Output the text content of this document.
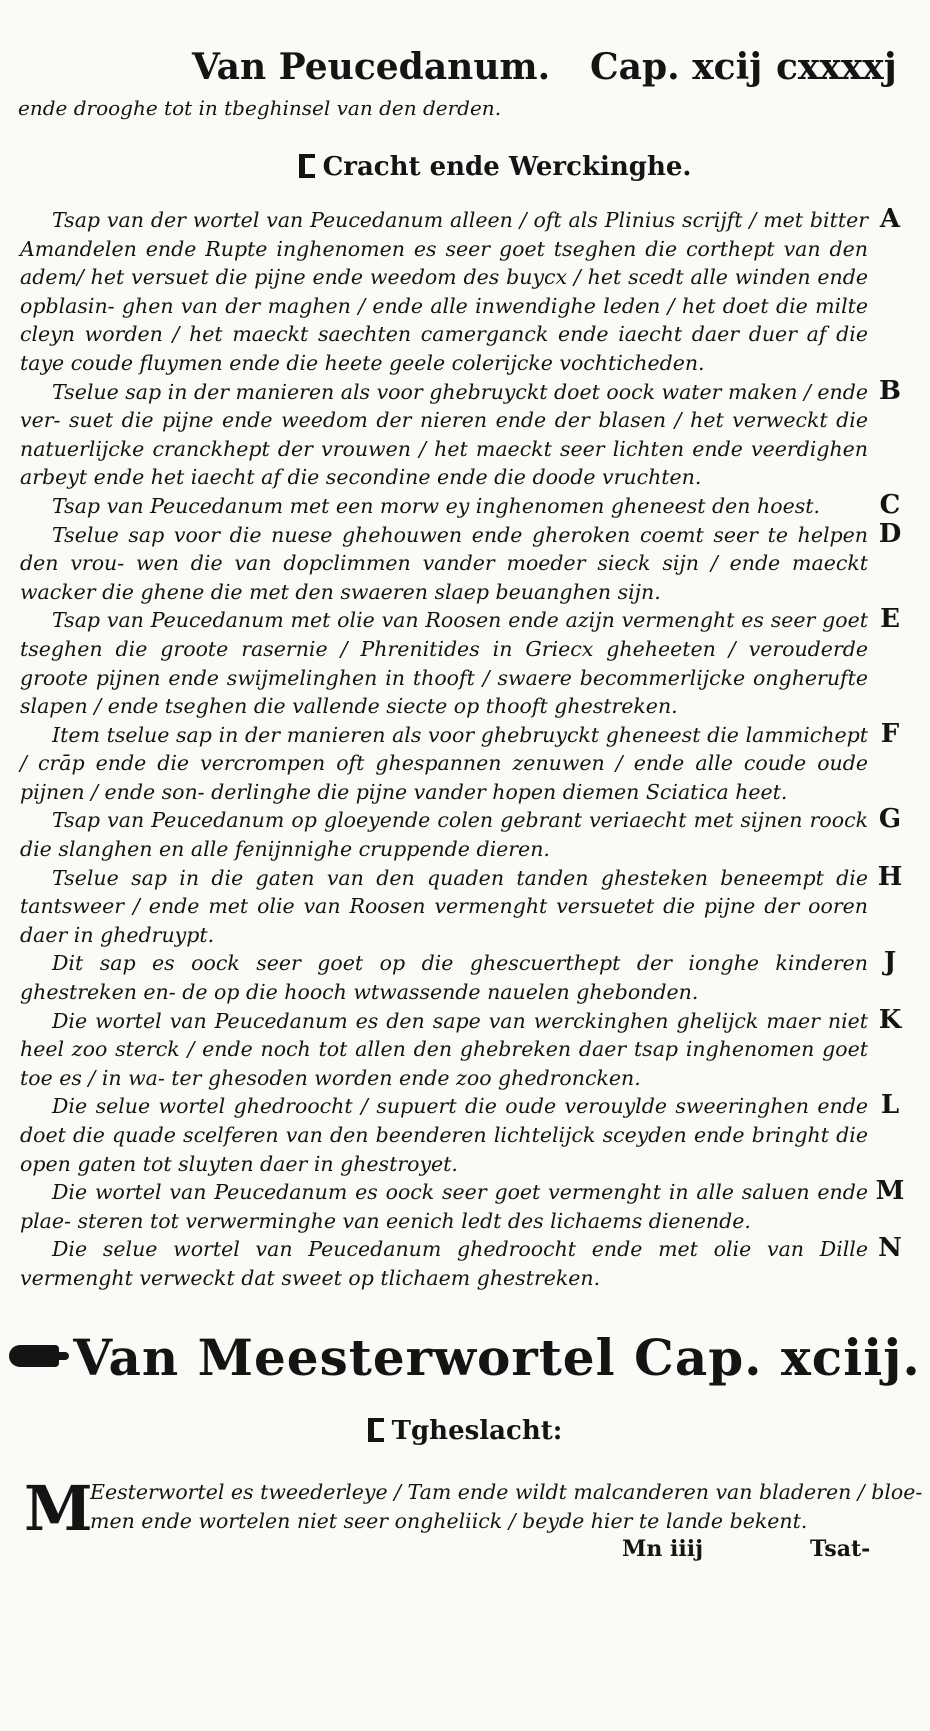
Van Peucedanum. Cap. xcij cxxxxj
ende drooghe tot in tbeghinsel van den derden.
Cracht ende Werckinghe.

Tsap van der wortel van Peucedanum alleen / oft als Plinius scrijft / met bitter Amandelen ende Rupte inghenomen es seer goet tseghen die corthept van den adem/ het versuet die pijne ende weedom des buycx / het scedt alle winden ende opblasin- ghen van der maghen / ende alle inwendighe leden / het doet die milte cleyn worden / het maeckt saechten camerganck ende iaecht daer duer af die taye coude fluymen ende die heete geele colerijcke vochticheden.

Tselue sap in der manieren als voor ghebruyckt doet oock water maken / ende ver- suet die pijne ende weedom der nieren ende der blasen / het verweckt die natuerlijcke cranckhept der vrouwen / het maeckt seer lichten ende veerdighen arbeyt ende het iaecht af die secondine ende die doode vruchten.

Tsap van Peucedanum met een morw ey inghenomen gheneest den hoest.

Tselue sap voor die nuese ghehouwen ende gheroken coemt seer te helpen den vrou- wen die van dopclimmen vander moeder sieck sijn / ende maeckt wacker die ghene die met den swaeren slaep beuanghen sijn.

Tsap van Peucedanum met olie van Roosen ende azijn vermenght es seer goet tseghen die groote rasernie / Phrenitides in Griecx gheheeten / verouderde groote pijnen ende swijmelinghen in thooft / swaere becommerlijcke ongherufte slapen / ende tseghen die vallende siecte op thooft ghestreken.

Item tselue sap in der manieren als voor ghebruyckt gheneest die lammichept / crāp ende die vercrompen oft ghespannen zenuwen / ende alle coude oude pijnen / ende son- derlinghe die pijne vander hopen diemen Sciatica heet.

Tsap van Peucedanum op gloeyende colen gebrant veriaecht met sijnen roock die slanghen en alle fenijnnighe cruppende dieren.

Tselue sap in die gaten van den quaden tanden ghesteken beneempt die tantsweer / ende met olie van Roosen vermenght versuetet die pijne der ooren daer in ghedruypt.

Dit sap es oock seer goet op die ghescuerthept der ionghe kinderen ghestreken en- de op die hooch wtwassende nauelen ghebonden.

Die wortel van Peucedanum es den sape van werckinghen ghelijck maer niet heel zoo sterck / ende noch tot allen den ghebreken daer tsap inghenomen goet toe es / in wa- ter ghesoden worden ende zoo ghedroncken.

Die selue wortel ghedroocht / supuert die oude verouylde sweeringhen ende doet die quade scelferen van den beenderen lichtelijck sceyden ende bringht die open gaten tot sluyten daer in ghestroyet.

Die wortel van Peucedanum es oock seer goet vermenght in alle saluen ende plae- steren tot verwerminghe van eenich ledt des lichaems dienende.

Die selue wortel van Peucedanum ghedroocht ende met olie van Dille vermenght verweckt dat sweet op tlichaem ghestreken.

A
B
C
D
E
F
G
H
J
K
L
M
N
Van Meesterwortel Cap. xciij.
Tgheslacht:
M
Eesterwortel es tweederleye / Tam ende wildt malcanderen van bladeren / bloe-
men ende wortelen niet seer ongheliick / beyde hier te lande bekent.
Mn iiij	Tsat-
